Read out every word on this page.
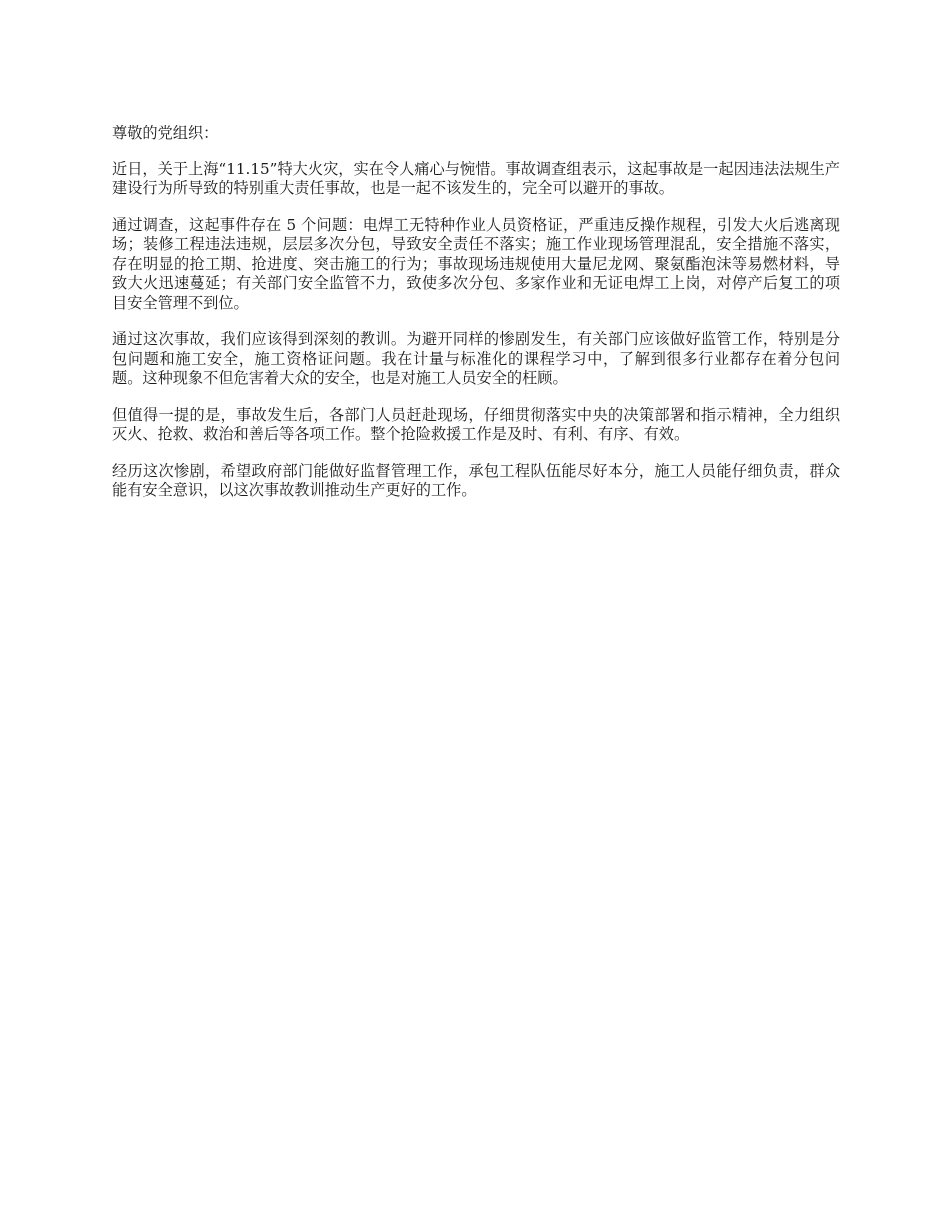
尊敬的党组织：

近日，关于上海“11.15”特大火灾，实在令人痛心与惋惜。事故调查组表示，这起事故是一起因违法法规生产建设行为所导致的特别重大责任事故，也是一起不该发生的，完全可以避开的事故。

通过调查，这起事件存在 5 个问题：电焊工无特种作业人员资格证，严重违反操作规程，引发大火后逃离现场；装修工程违法违规，层层多次分包，导致安全责任不落实；施工作业现场管理混乱，安全措施不落实，存在明显的抢工期、抢进度、突击施工的行为；事故现场违规使用大量尼龙网、聚氨酯泡沫等易燃材料，导致大火迅速蔓延；有关部门安全监管不力，致使多次分包、多家作业和无证电焊工上岗，对停产后复工的项目安全管理不到位。

通过这次事故，我们应该得到深刻的教训。为避开同样的惨剧发生，有关部门应该做好监管工作，特别是分包问题和施工安全，施工资格证问题。我在计量与标准化的课程学习中，了解到很多行业都存在着分包问题。这种现象不但危害着大众的安全，也是对施工人员安全的枉顾。

但值得一提的是，事故发生后，各部门人员赶赴现场，仔细贯彻落实中央的决策部署和指示精神，全力组织灭火、抢救、救治和善后等各项工作。整个抢险救援工作是及时、有利、有序、有效。

经历这次惨剧，希望政府部门能做好监督管理工作，承包工程队伍能尽好本分，施工人员能仔细负责，群众能有安全意识，以这次事故教训推动生产更好的工作。
